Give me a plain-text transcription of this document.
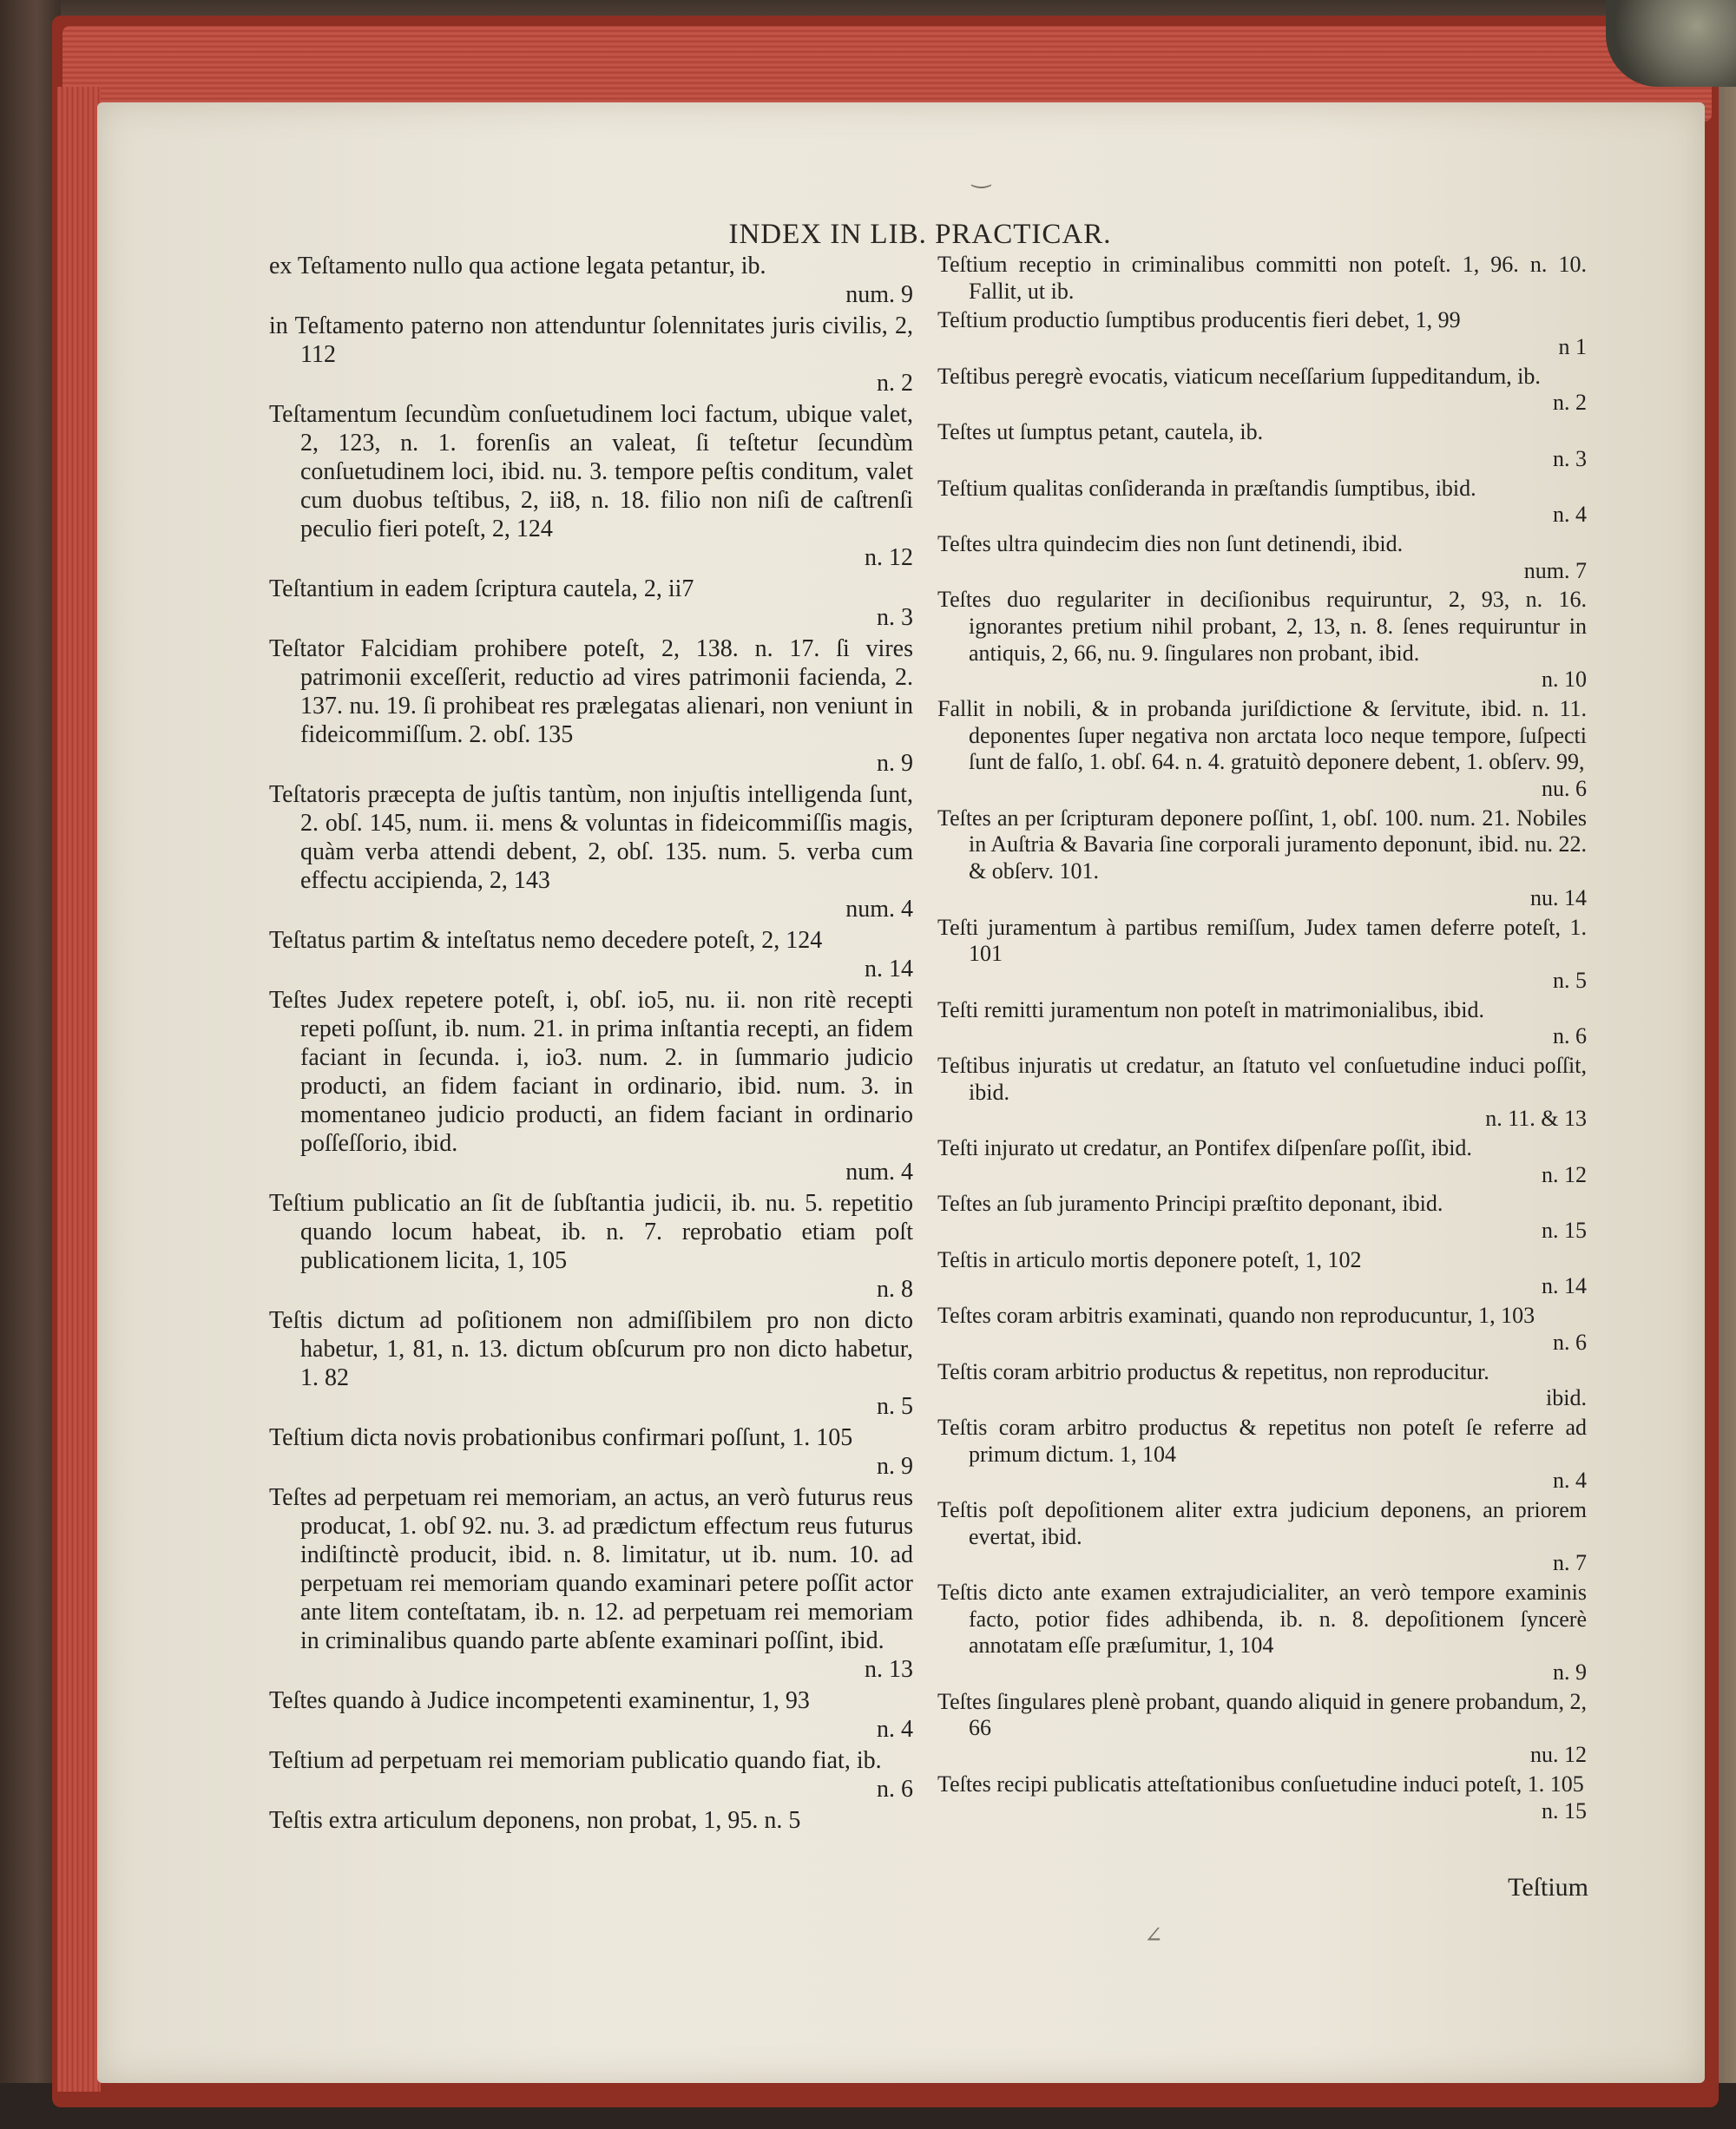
‿
∠
INDEX IN LIB. PRACTICAR.
ex Teſtamento nullo qua actione legata petantur, ib.
num. 9
in Teſtamento paterno non attenduntur ſolennitates juris civilis, 2, 112
n. 2
Teſtamentum ſecundùm conſuetudinem loci factum, ubique valet, 2, 123, n. 1. forenſis an valeat, ſi teſtetur ſecundùm conſuetudinem loci, ibid. nu. 3. tempore peſtis conditum, valet cum duobus teſtibus, 2, ii8, n. 18. filio non niſi de caſtrenſi peculio fieri poteſt, 2, 124
n. 12
Teſtantium in eadem ſcriptura cautela, 2, ii7
n. 3
Teſtator Falcidiam prohibere poteſt, 2, 138. n. 17. ſi vires patrimonii exceſſerit, reductio ad vires patrimonii facienda, 2. 137. nu. 19. ſi prohibeat res prælegatas alienari, non veniunt in fideicommiſſum. 2. obſ. 135
n. 9
Teſtatoris præcepta de juſtis tantùm, non injuſtis intelligenda ſunt, 2. obſ. 145, num. ii. mens & voluntas in fideicommiſſis magis, quàm verba attendi debent, 2, obſ. 135. num. 5. verba cum effectu accipienda, 2, 143
num. 4
Teſtatus partim & inteſtatus nemo decedere poteſt, 2, 124
n. 14
Teſtes Judex repetere poteſt, i, obſ. io5, nu. ii. non ritè recepti repeti poſſunt, ib. num. 21. in prima inſtantia recepti, an fidem faciant in ſecunda. i, io3. num. 2. in ſummario judicio producti, an fidem faciant in ordinario, ibid. num. 3. in momentaneo judicio producti, an fidem faciant in ordinario poſſeſſorio, ibid.
num. 4
Teſtium publicatio an ſit de ſubſtantia judicii, ib. nu. 5. repetitio quando locum habeat, ib. n. 7. reprobatio etiam poſt publicationem licita, 1, 105
n. 8
Teſtis dictum ad poſitionem non admiſſibilem pro non dicto habetur, 1, 81, n. 13. dictum obſcurum pro non dicto habetur, 1. 82
n. 5
Teſtium dicta novis probationibus confirmari poſſunt, 1. 105
n. 9
Teſtes ad perpetuam rei memoriam, an actus, an verò futurus reus producat, 1. obſ 92. nu. 3. ad prædictum effectum reus futurus indiſtinctè producit, ibid. n. 8. limitatur, ut ib. num. 10. ad perpetuam rei memoriam quando examinari petere poſſit actor ante litem conteſtatam, ib. n. 12. ad perpetuam rei memoriam in criminalibus quando parte abſente examinari poſſint, ibid.
n. 13
Teſtes quando à Judice incompetenti examinentur, 1, 93
n. 4
Teſtium ad perpetuam rei memoriam publicatio quando fiat, ib.
n. 6
Teſtis extra articulum deponens, non probat, 1, 95. n. 5
Teſtium receptio in criminalibus committi non poteſt. 1, 96. n. 10. Fallit, ut ib.
Teſtium productio ſumptibus producentis fieri debet, 1, 99
n 1
Teſtibus peregrè evocatis, viaticum neceſſarium ſuppeditandum, ib.
n. 2
Teſtes ut ſumptus petant, cautela, ib.
n. 3
Teſtium qualitas conſideranda in præſtandis ſumptibus, ibid.
n. 4
Teſtes ultra quindecim dies non ſunt detinendi, ibid.
num. 7
Teſtes duo regulariter in deciſionibus requiruntur, 2, 93, n. 16. ignorantes pretium nihil probant, 2, 13, n. 8. ſenes requiruntur in antiquis, 2, 66, nu. 9. ſingulares non probant, ibid.
n. 10
Fallit in nobili, & in probanda juriſdictione & ſervitute, ibid. n. 11. deponentes ſuper negativa non arctata loco neque tempore, ſuſpecti ſunt de falſo, 1. obſ. 64. n. 4. gratuitò deponere debent, 1. obſerv. 99,
nu. 6
Teſtes an per ſcripturam deponere poſſint, 1, obſ. 100. num. 21. Nobiles in Auſtria & Bavaria ſine corporali juramento deponunt, ibid. nu. 22. & obſerv. 101.
nu. 14
Teſti juramentum à partibus remiſſum, Judex tamen deferre poteſt, 1. 101
n. 5
Teſti remitti juramentum non poteſt in matrimonialibus, ibid.
n. 6
Teſtibus injuratis ut credatur, an ſtatuto vel conſuetudine induci poſſit, ibid.
n. 11. & 13
Teſti injurato ut credatur, an Pontifex diſpenſare poſſit, ibid.
n. 12
Teſtes an ſub juramento Principi præſtito deponant, ibid.
n. 15
Teſtis in articulo mortis deponere poteſt, 1, 102
n. 14
Teſtes coram arbitris examinati, quando non reproducuntur, 1, 103
n. 6
Teſtis coram arbitrio productus & repetitus, non reproducitur.
ibid.
Teſtis coram arbitro productus & repetitus non poteſt ſe referre ad primum dictum. 1, 104
n. 4
Teſtis poſt depoſitionem aliter extra judicium deponens, an priorem evertat, ibid.
n. 7
Teſtis dicto ante examen extrajudicialiter, an verò tempore examinis facto, potior fides adhibenda, ib. n. 8. depoſitionem ſyncerè annotatam eſſe præſumitur, 1, 104
n. 9
Teſtes ſingulares plenè probant, quando aliquid in genere probandum, 2, 66
nu. 12
Teſtes recipi publicatis atteſtationibus conſuetudine induci poteſt, 1. 105
n. 15
Teſtium
